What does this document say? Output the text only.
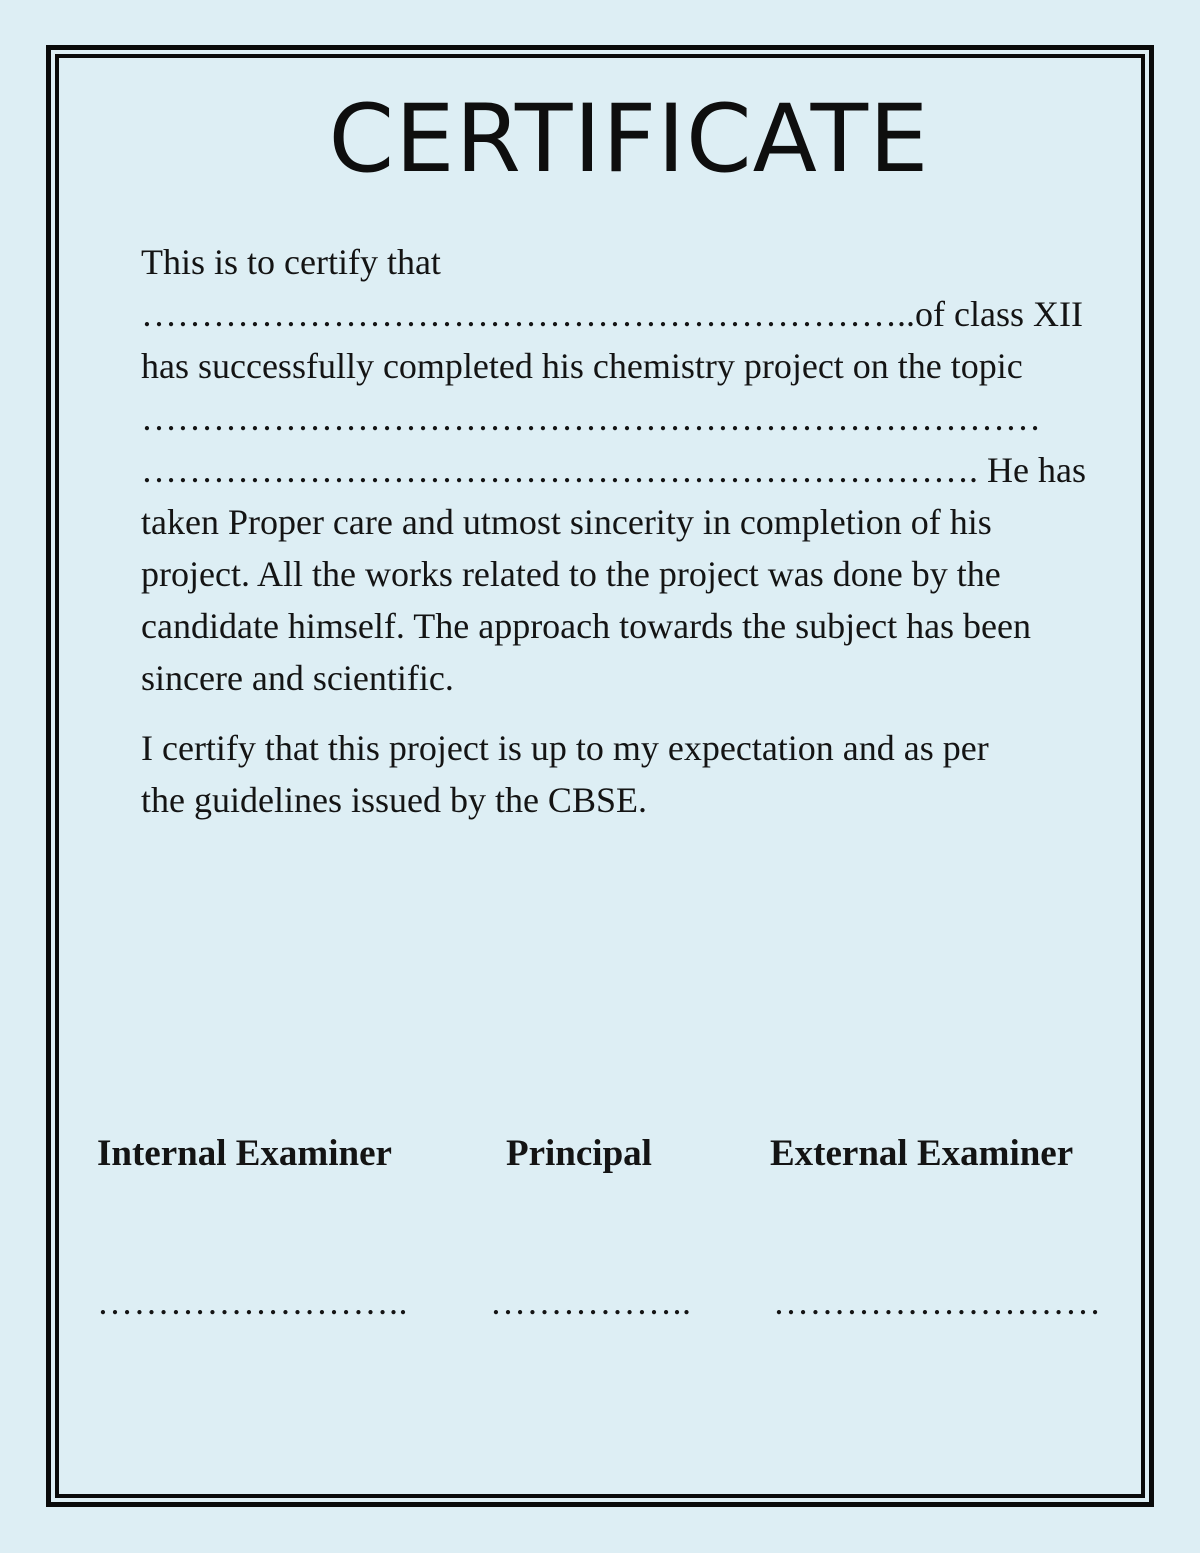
CERTIFICATE

This is to certify that
………………………………………………………..of class XII
has successfully completed his chemistry project on the topic
…………………………………………………………………
……………………………………………………………. He has
taken Proper care and utmost sincerity in completion of his
project. All the works related to the project was done by the
candidate himself. The approach towards the subject has been
sincere and scientific.

I certify that this project is up to my expectation and as per
the guidelines issued by the CBSE.

Internal Examiner	Principal	External Examiner
…………………….. …………….. ………………………
